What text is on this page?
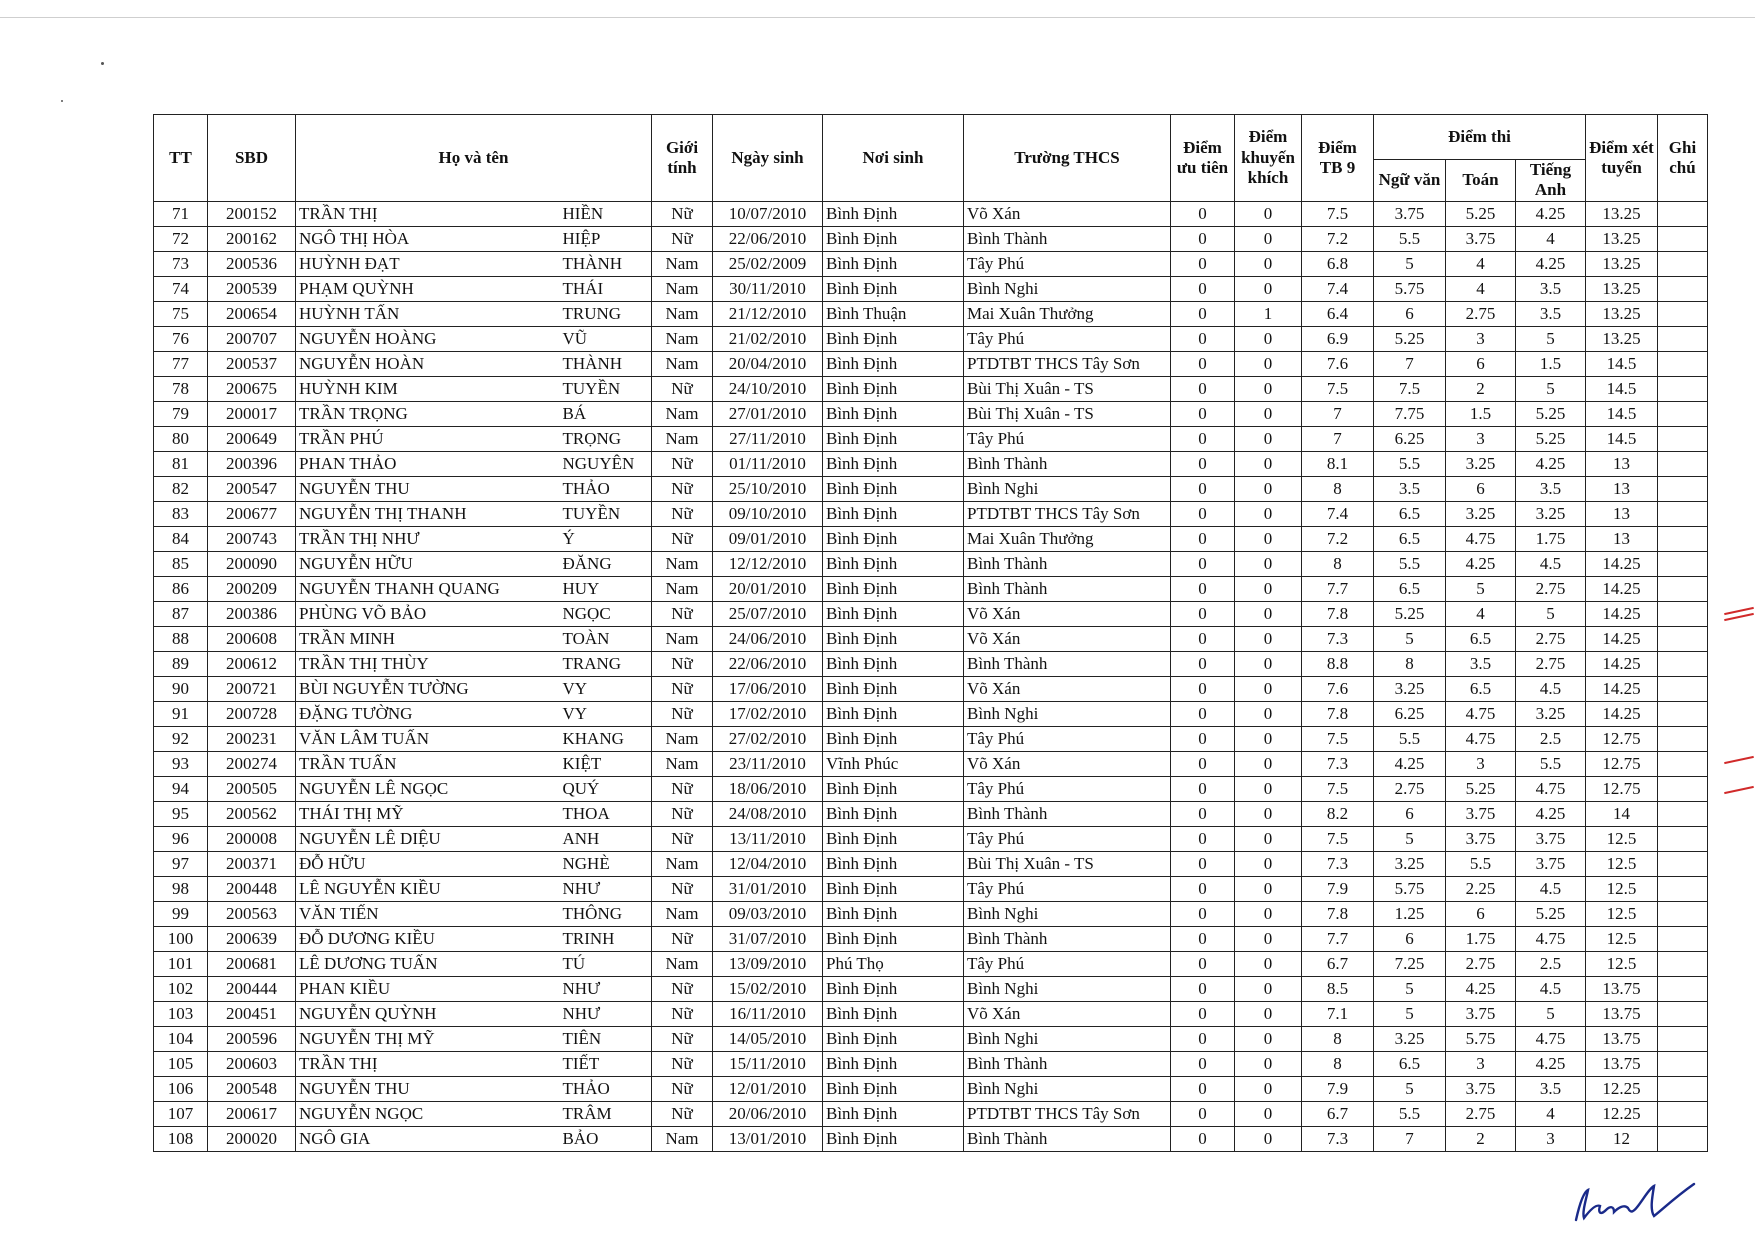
TT	SBD	Họ và tên		Giới tính	Ngày sinh	Nơi sinh	Trường THCS	Điểm ưu tiên	Điểm khuyến khích	Điểm TB 9	Điểm thi			Điểm xét tuyển	Ghi chú
											Ngữ văn	Toán	Tiếng Anh		
71	200152	TRẦN THỊ	HIỀN	Nữ	10/07/2010	Bình Định	Võ Xán	0	0	7.5	3.75	5.25	4.25	13.25	
72	200162	NGÔ THỊ HÒA	HIỆP	Nữ	22/06/2010	Bình Định	Bình Thành	0	0	7.2	5.5	3.75	4	13.25	
73	200536	HUỲNH ĐẠT	THÀNH	Nam	25/02/2009	Bình Định	Tây Phú	0	0	6.8	5	4	4.25	13.25	
74	200539	PHẠM QUỲNH	THÁI	Nam	30/11/2010	Bình Định	Bình Nghi	0	0	7.4	5.75	4	3.5	13.25	
75	200654	HUỲNH TẤN	TRUNG	Nam	21/12/2010	Bình Thuận	Mai Xuân Thưởng	0	1	6.4	6	2.75	3.5	13.25	
76	200707	NGUYỄN HOÀNG	VŨ	Nam	21/02/2010	Bình Định	Tây Phú	0	0	6.9	5.25	3	5	13.25	
77	200537	NGUYỄN HOÀN	THÀNH	Nam	20/04/2010	Bình Định	PTDTBT THCS Tây Sơn	0	0	7.6	7	6	1.5	14.5	
78	200675	HUỲNH KIM	TUYỀN	Nữ	24/10/2010	Bình Định	Bùi Thị Xuân - TS	0	0	7.5	7.5	2	5	14.5	
79	200017	TRẦN TRỌNG	BÁ	Nam	27/01/2010	Bình Định	Bùi Thị Xuân - TS	0	0	7	7.75	1.5	5.25	14.5	
80	200649	TRẦN PHÚ	TRỌNG	Nam	27/11/2010	Bình Định	Tây Phú	0	0	7	6.25	3	5.25	14.5	
81	200396	PHAN THẢO	NGUYÊN	Nữ	01/11/2010	Bình Định	Bình Thành	0	0	8.1	5.5	3.25	4.25	13	
82	200547	NGUYỄN THU	THẢO	Nữ	25/10/2010	Bình Định	Bình Nghi	0	0	8	3.5	6	3.5	13	
83	200677	NGUYỄN THỊ THANH	TUYỀN	Nữ	09/10/2010	Bình Định	PTDTBT THCS Tây Sơn	0	0	7.4	6.5	3.25	3.25	13	
84	200743	TRẦN THỊ NHƯ	Ý	Nữ	09/01/2010	Bình Định	Mai Xuân Thưởng	0	0	7.2	6.5	4.75	1.75	13	
85	200090	NGUYỄN HỮU	ĐĂNG	Nam	12/12/2010	Bình Định	Bình Thành	0	0	8	5.5	4.25	4.5	14.25	
86	200209	NGUYỄN THANH QUANG	HUY	Nam	20/01/2010	Bình Định	Bình Thành	0	0	7.7	6.5	5	2.75	14.25	
87	200386	PHÙNG VÕ BẢO	NGỌC	Nữ	25/07/2010	Bình Định	Võ Xán	0	0	7.8	5.25	4	5	14.25	
88	200608	TRẦN MINH	TOÀN	Nam	24/06/2010	Bình Định	Võ Xán	0	0	7.3	5	6.5	2.75	14.25	
89	200612	TRẦN THỊ THÙY	TRANG	Nữ	22/06/2010	Bình Định	Bình Thành	0	0	8.8	8	3.5	2.75	14.25	
90	200721	BÙI NGUYỄN TƯỜNG	VY	Nữ	17/06/2010	Bình Định	Võ Xán	0	0	7.6	3.25	6.5	4.5	14.25	
91	200728	ĐẶNG TƯỜNG	VY	Nữ	17/02/2010	Bình Định	Bình Nghi	0	0	7.8	6.25	4.75	3.25	14.25	
92	200231	VĂN LÂM TUẤN	KHANG	Nam	27/02/2010	Bình Định	Tây Phú	0	0	7.5	5.5	4.75	2.5	12.75	
93	200274	TRẦN TUẤN	KIỆT	Nam	23/11/2010	Vĩnh Phúc	Võ Xán	0	0	7.3	4.25	3	5.5	12.75	
94	200505	NGUYỄN LÊ NGỌC	QUÝ	Nữ	18/06/2010	Bình Định	Tây Phú	0	0	7.5	2.75	5.25	4.75	12.75	
95	200562	THÁI THỊ MỸ	THOA	Nữ	24/08/2010	Bình Định	Bình Thành	0	0	8.2	6	3.75	4.25	14	
96	200008	NGUYỄN LÊ DIỆU	ANH	Nữ	13/11/2010	Bình Định	Tây Phú	0	0	7.5	5	3.75	3.75	12.5	
97	200371	ĐỖ HỮU	NGHÈ	Nam	12/04/2010	Bình Định	Bùi Thị Xuân - TS	0	0	7.3	3.25	5.5	3.75	12.5	
98	200448	LÊ NGUYỄN KIỀU	NHƯ	Nữ	31/01/2010	Bình Định	Tây Phú	0	0	7.9	5.75	2.25	4.5	12.5	
99	200563	VĂN TIẾN	THÔNG	Nam	09/03/2010	Bình Định	Bình Nghi	0	0	7.8	1.25	6	5.25	12.5	
100	200639	ĐỖ DƯƠNG KIỀU	TRINH	Nữ	31/07/2010	Bình Định	Bình Thành	0	0	7.7	6	1.75	4.75	12.5	
101	200681	LÊ DƯƠNG TUẤN	TÚ	Nam	13/09/2010	Phú Thọ	Tây Phú	0	0	6.7	7.25	2.75	2.5	12.5	
102	200444	PHAN KIỀU	NHƯ	Nữ	15/02/2010	Bình Định	Bình Nghi	0	0	8.5	5	4.25	4.5	13.75	
103	200451	NGUYỄN QUỲNH	NHƯ	Nữ	16/11/2010	Bình Định	Võ Xán	0	0	7.1	5	3.75	5	13.75	
104	200596	NGUYỄN THỊ MỸ	TIÊN	Nữ	14/05/2010	Bình Định	Bình Nghi	0	0	8	3.25	5.75	4.75	13.75	
105	200603	TRẦN THỊ	TIẾT	Nữ	15/11/2010	Bình Định	Bình Thành	0	0	8	6.5	3	4.25	13.75	
106	200548	NGUYỄN THU	THẢO	Nữ	12/01/2010	Bình Định	Bình Nghi	0	0	7.9	5	3.75	3.5	12.25	
107	200617	NGUYỄN NGỌC	TRÂM	Nữ	20/06/2010	Bình Định	PTDTBT THCS Tây Sơn	0	0	6.7	5.5	2.75	4	12.25	
108	200020	NGÔ GIA	BẢO	Nam	13/01/2010	Bình Định	Bình Thành	0	0	7.3	7	2	3	12	
